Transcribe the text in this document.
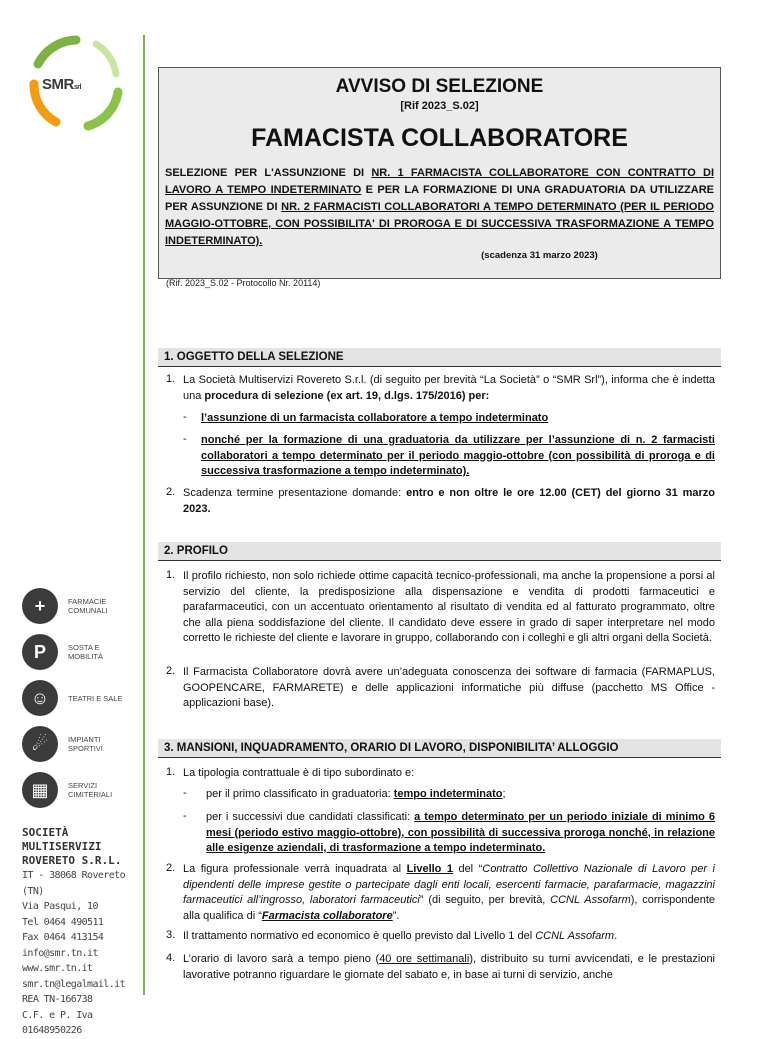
SMRsrl
+	FARMACIE COMUNALI
P	SOSTA E MOBILITÀ
☺	TEATRI E SALE
☄	IMPIANTI SPORTIVI
▦	SERVIZI CIMITERIALI
SOCIETÀ MULTISERVIZI
ROVERETO S.R.L.
IT - 38068 Rovereto (TN)
Via Pasqui, 10
Tel 0464 490511
Fax 0464 413154
info@smr.tn.it
www.smr.tn.it
smr.tn@legalmail.it
REA TN-166738
C.F. e P. Iva 01648950226
AVVISO DI SELEZIONE
[Rif 2023_S.02]
FAMACISTA COLLABORATORE
SELEZIONE PER L'ASSUNZIONE DI NR. 1 FARMACISTA COLLABORATORE CON CONTRATTO DI LAVORO A TEMPO INDETERMINATO E PER LA FORMAZIONE DI UNA GRADUATORIA DA UTILIZZARE PER ASSUNZIONE DI NR. 2 FARMACISTI COLLABORATORI A TEMPO DETERMINATO (PER IL PERIODO MAGGIO-OTTOBRE, CON POSSIBILITA' DI PROROGA E DI SUCCESSIVA TRASFORMAZIONE A TEMPO INDETERMINATO).
(scadenza 31 marzo 2023)
(Rif. 2023_S.02 - Protocollo Nr. 20114)
1. OGGETTO DELLA SELEZIONE
1. La Società Multiservizi Rovereto S.r.l. (di seguito per brevità “La Società” o “SMR Srl”), informa che è indetta una procedura di selezione (ex art. 19, d.lgs. 175/2016) per:
- l’assunzione di un farmacista collaboratore a tempo indeterminato
- nonché per la formazione di una graduatoria da utilizzare per l’assunzione di n. 2 farmacisti collaboratori a tempo determinato per il periodo maggio-ottobre (con possibilità di proroga e di successiva trasformazione a tempo indeterminato).
2. Scadenza termine presentazione domande: entro e non oltre le ore 12.00 (CET) del giorno 31 marzo 2023.
2. PROFILO
1. Il profilo richiesto, non solo richiede ottime capacità tecnico-professionali, ma anche la propensione a porsi al servizio del cliente, la predisposizione alla dispensazione e vendita di prodotti farmaceutici e parafarmaceutici, con un accentuato orientamento al risultato di vendita ed al fatturato programmato, oltre che alla piena soddisfazione del cliente. Il candidato deve essere in grado di saper interpretare nel modo corretto le richieste del cliente e lavorare in gruppo, collaborando con i colleghi e gli altri organi della Società.
2. Il Farmacista Collaboratore dovrà avere un’adeguata conoscenza dei software di farmacia (FARMAPLUS, GOOPENCARE, FARMARETE) e delle applicazioni informatiche più diffuse (pacchetto MS Office - applicazioni base).
3. MANSIONI, INQUADRAMENTO, ORARIO DI LAVORO, DISPONIBILITA’ ALLOGGIO
1. La tipologia contrattuale è di tipo subordinato e:
- per il primo classificato in graduatoria: tempo indeterminato;
- per i successivi due candidati classificati: a tempo determinato per un periodo iniziale di minimo 6 mesi (periodo estivo maggio-ottobre), con possibilità di successiva proroga nonché, in relazione alle esigenze aziendali, di trasformazione a tempo indeterminato.
2. La figura professionale verrà inquadrata al Livello 1 del “Contratto Collettivo Nazionale di Lavoro per i dipendenti delle imprese gestite o partecipate dagli enti locali, esercenti farmacie, parafarmacie, magazzini farmaceutici all’ingrosso, laboratori farmaceutici” (di seguito, per brevità, CCNL Assofarm), corrispondente alla qualifica di “Farmacista collaboratore”.
3. Il trattamento normativo ed economico è quello previsto dal Livello 1 del CCNL Assofarm.
4. L’orario di lavoro sarà a tempo pieno (40 ore settimanali), distribuito su turni avvicendati, e le prestazioni lavorative potranno riguardare le giornate del sabato e, in base ai turni di servizio, anche
